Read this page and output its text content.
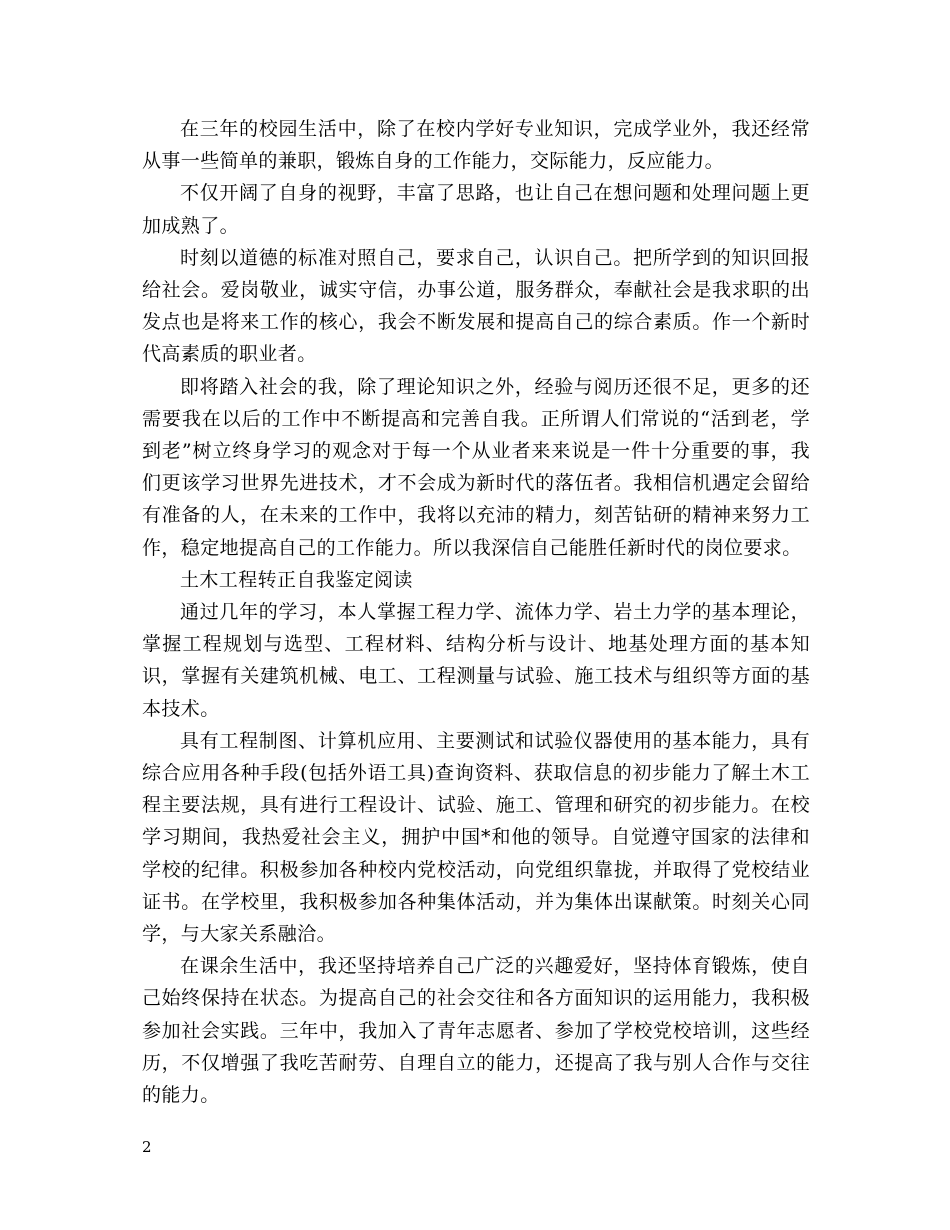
在三年的校园生活中，除了在校内学好专业知识，完成学业外，我还经常从事一些简单的兼职，锻炼自身的工作能力，交际能力，反应能力。

不仅开阔了自身的视野，丰富了思路，也让自己在想问题和处理问题上更加成熟了。

时刻以道德的标准对照自己，要求自己，认识自己。把所学到的知识回报给社会。爱岗敬业，诚实守信，办事公道，服务群众，奉献社会是我求职的出发点也是将来工作的核心，我会不断发展和提高自己的综合素质。作一个新时代高素质的职业者。

即将踏入社会的我，除了理论知识之外，经验与阅历还很不足，更多的还需要我在以后的工作中不断提高和完善自我。正所谓人们常说的“活到老，学到老”树立终身学习的观念对于每一个从业者来来说是一件十分重要的事，我们更该学习世界先进技术，才不会成为新时代的落伍者。我相信机遇定会留给有准备的人，在未来的工作中，我将以充沛的精力，刻苦钻研的精神来努力工作，稳定地提高自己的工作能力。所以我深信自己能胜任新时代的岗位要求。

土木工程转正自我鉴定阅读

通过几年的学习，本人掌握工程力学、流体力学、岩土力学的基本理论，掌握工程规划与选型、工程材料、结构分析与设计、地基处理方面的基本知识，掌握有关建筑机械、电工、工程测量与试验、施工技术与组织等方面的基本技术。

具有工程制图、计算机应用、主要测试和试验仪器使用的基本能力，具有综合应用各种手段(包括外语工具)查询资料、获取信息的初步能力了解土木工程主要法规，具有进行工程设计、试验、施工、管理和研究的初步能力。在校学习期间，我热爱社会主义，拥护中国*和他的领导。自觉遵守国家的法律和学校的纪律。积极参加各种校内党校活动，向党组织靠拢，并取得了党校结业证书。在学校里，我积极参加各种集体活动，并为集体出谋献策。时刻关心同学，与大家关系融洽。

在课余生活中，我还坚持培养自己广泛的兴趣爱好，坚持体育锻炼，使自己始终保持在状态。为提高自己的社会交往和各方面知识的运用能力，我积极参加社会实践。三年中，我加入了青年志愿者、参加了学校党校培训，这些经历，不仅增强了我吃苦耐劳、自理自立的能力，还提高了我与别人合作与交往的能力。

2
